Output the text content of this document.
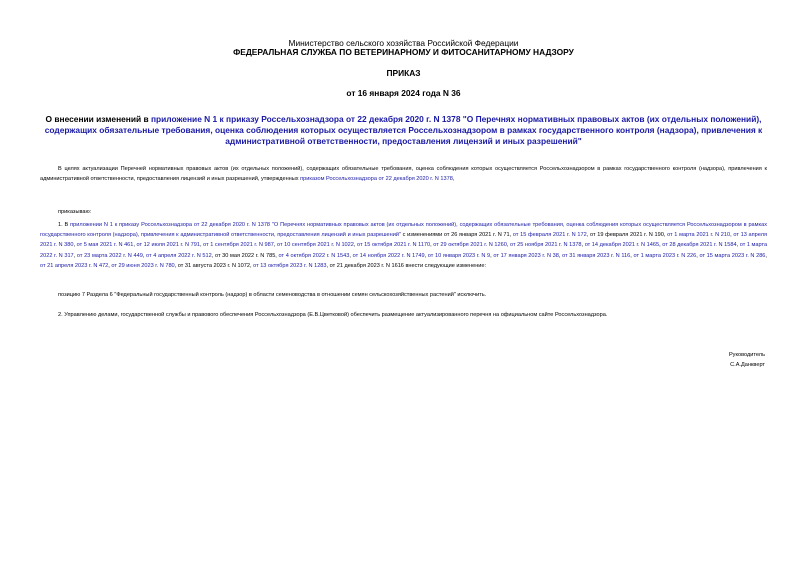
Министерство сельского хозяйства Российской Федерации
ФЕДЕРАЛЬНАЯ СЛУЖБА ПО ВЕТЕРИНАРНОМУ И ФИТОСАНИТАРНОМУ НАДЗОРУ
ПРИКАЗ
от 16 января 2024 года N 36
О внесении изменений в приложение N 1 к приказу Россельхознадзора от 22 декабря 2020 г. N 1378 "О Перечнях нормативных правовых актов (их отдельных положений), содержащих обязательные требования, оценка соблюдения которых осуществляется Россельхознадзором в рамках государственного контроля (надзора), привлечения к административной ответственности, предоставления лицензий и иных разрешений"
В целях актуализации Перечней нормативных правовых актов (их отдельных положений), содержащих обязательные требования, оценка соблюдения которых осуществляется Россельхознадзором в рамках государственного контроля (надзора), привлечения к административной ответственности, предоставления лицензий и иных разрешений, утвержденных приказом Россельхознадзора от 22 декабря 2020 г. N 1378,
приказываю:
1. В приложении N 1 к приказу Россельхознадзора от 22 декабря 2020 г. N 1378 "О Перечнях нормативных правовых актов (их отдельных положений), содержащих обязательные требования, оценка соблюдения которых осуществляется Россельхознадзором в рамках государственного контроля (надзора), привлечения к административной ответственности, предоставления лицензий и иных разрешений" с изменениями от 26 января 2021 г. N 71, от 15 февраля 2021 г. N 172, от 19 февраля 2021 г. N 190, от 1 марта 2021 г. N 210, от 13 апреля 2021 г. N 380, от 5 мая 2021 г. N 461, от 12 июля 2021 г. N 791, от 1 сентября 2021 г. N 987, от 10 сентября 2021 г. N 1022, от 15 октября 2021 г. N 1170, от 29 октября 2021 г. N 1260, от 25 ноября 2021 г. N 1378, от 14 декабря 2021 г. N 1465, от 28 декабря 2021 г. N 1584, от 1 марта 2022 г. N 317, от 23 марта 2022 г. N 449, от 4 апреля 2022 г. N 512, от 30 мая 2022 г. N 785, от 4 октября 2022 г. N 1543, от 14 ноября 2022 г. N 1749, от 10 января 2023 г. N 9, от 17 января 2023 г. N 38, от 31 января 2023 г. N 116, от 1 марта 2023 г. N 226, от 15 марта 2023 г. N 286, от 21 апреля 2023 г. N 472, от 29 июня 2023 г. N 780, от 31 августа 2023 г. N 1072, от 13 октября 2023 г. N 1283, от 21 декабря 2023 г. N 1616 внести следующие изменение:
позицию 7 Раздела 6 "Федеральный государственный контроль (надзор) в области семеноводства в отношении семян сельскохозяйственных растений" исключить.
2. Управлению делами, государственной службы и правового обеспечения Россельхознадзора (Е.В.Цветковой) обеспечить размещение актуализированного перечня на официальном сайте Россельхознадзора.
Руководитель
С.А.Данкверт
